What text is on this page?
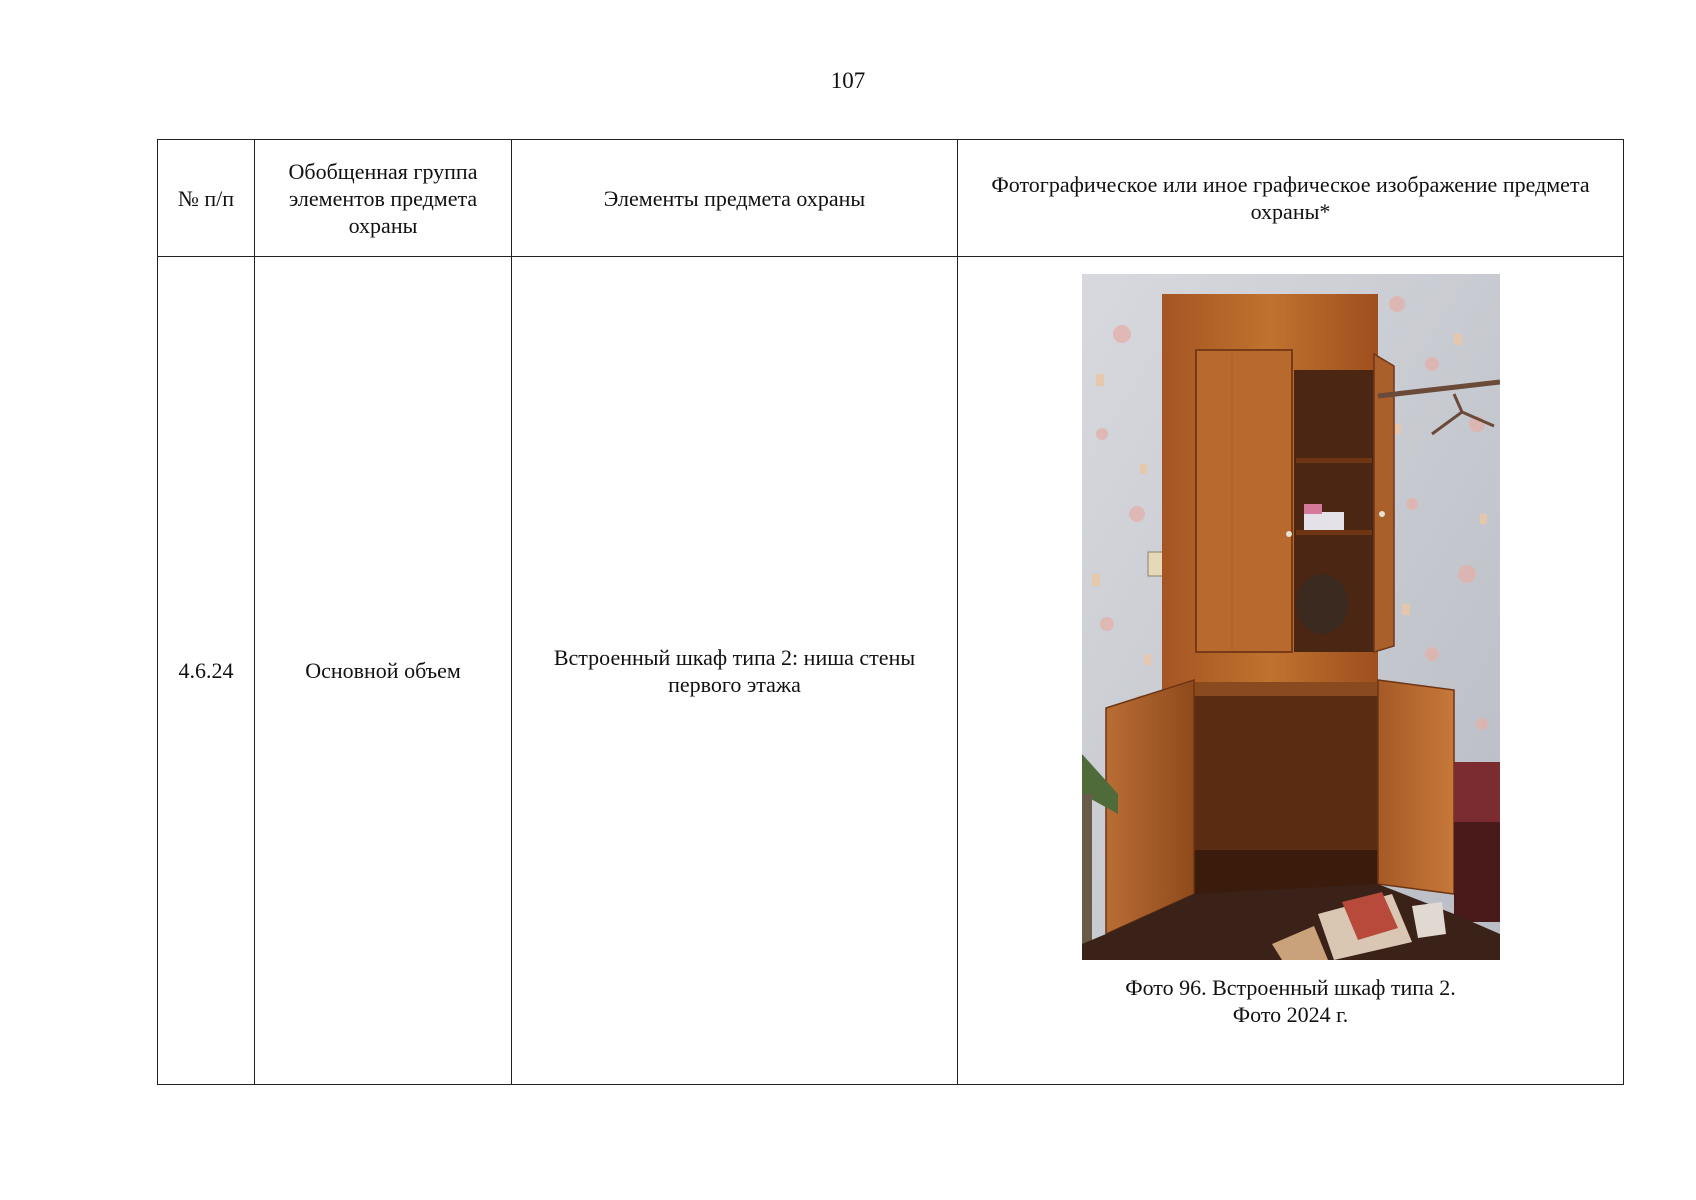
107
№ п/п	Обобщенная группа элементов предмета охраны	Элементы предмета охраны	Фотографическое или иное графическое изображение предмета охраны*
4.6.24	Основной объем	Встроенный шкаф типа 2: ниша стены первого этажа	Фото 96. Встроенный шкаф типа 2.
Фото 2024 г.
